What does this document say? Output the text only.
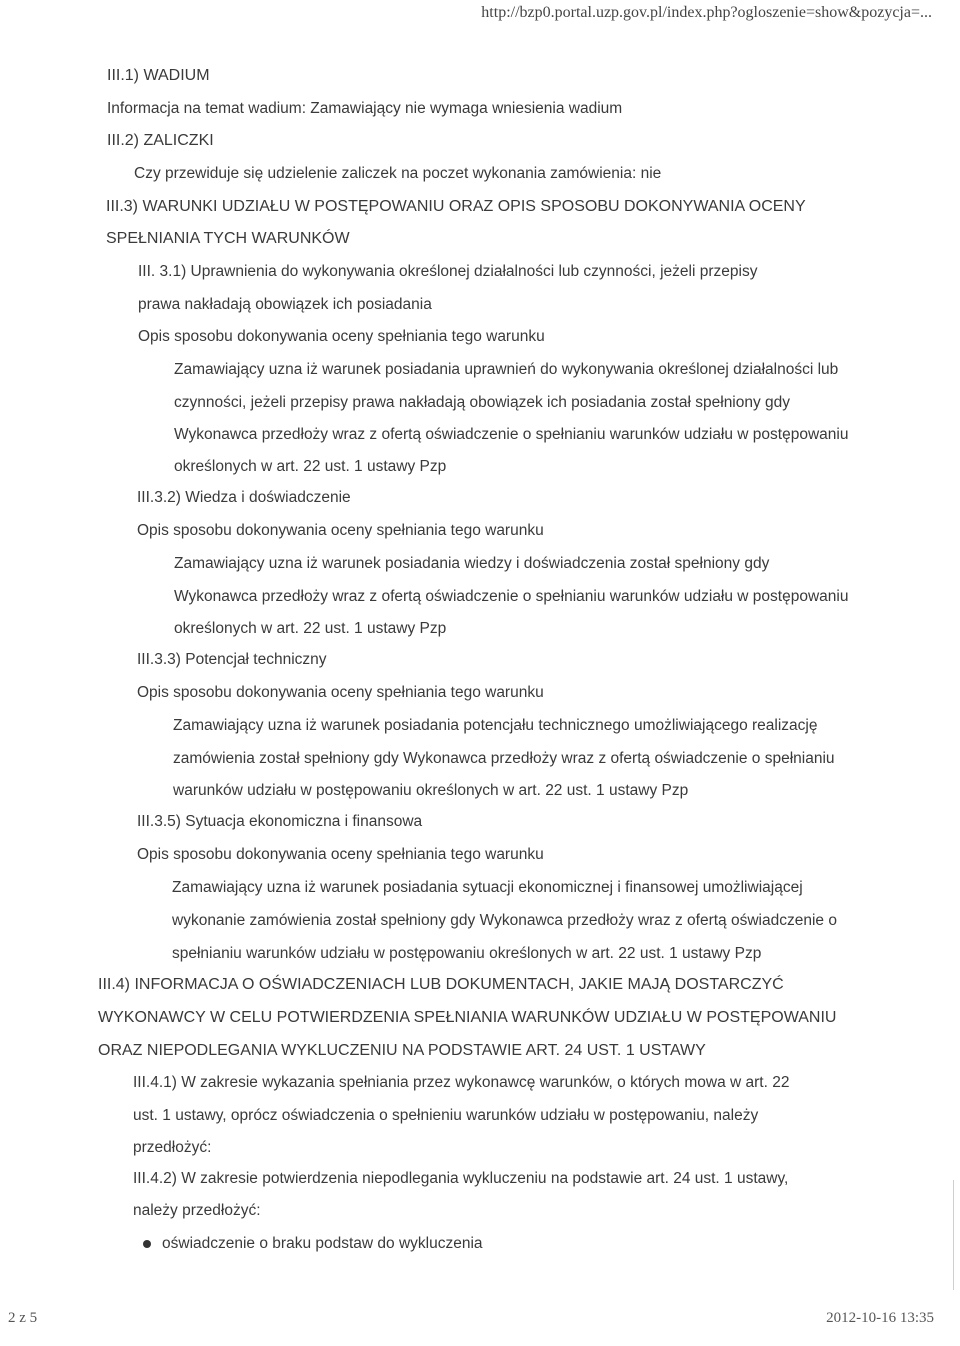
http://bzp0.portal.uzp.gov.pl/index.php?ogloszenie=show&pozycja=...
III.1) WADIUM
Informacja na temat wadium: Zamawiający nie wymaga wniesienia wadium
III.2) ZALICZKI
Czy przewiduje się udzielenie zaliczek na poczet wykonania zamówienia: nie
III.3) WARUNKI UDZIAŁU W POSTĘPOWANIU ORAZ OPIS SPOSOBU DOKONYWANIA OCENY
SPEŁNIANIA TYCH WARUNKÓW
III. 3.1) Uprawnienia do wykonywania określonej działalności lub czynności, jeżeli przepisy
prawa nakładają obowiązek ich posiadania
Opis sposobu dokonywania oceny spełniania tego warunku
Zamawiający uzna iż warunek posiadania uprawnień do wykonywania określonej działalności lub
czynności, jeżeli przepisy prawa nakładają obowiązek ich posiadania został spełniony gdy
Wykonawca przedłoży wraz z ofertą oświadczenie o spełnianiu warunków udziału w postępowaniu
określonych w art. 22 ust. 1 ustawy Pzp
III.3.2) Wiedza i doświadczenie
Opis sposobu dokonywania oceny spełniania tego warunku
Zamawiający uzna iż warunek posiadania wiedzy i doświadczenia został spełniony gdy
Wykonawca przedłoży wraz z ofertą oświadczenie o spełnianiu warunków udziału w postępowaniu
określonych w art. 22 ust. 1 ustawy Pzp
III.3.3) Potencjał techniczny
Opis sposobu dokonywania oceny spełniania tego warunku
Zamawiający uzna iż warunek posiadania potencjału technicznego umożliwiającego realizację
zamówienia został spełniony gdy Wykonawca przedłoży wraz z ofertą oświadczenie o spełnianiu
warunków udziału w postępowaniu określonych w art. 22 ust. 1 ustawy Pzp
III.3.5) Sytuacja ekonomiczna i finansowa
Opis sposobu dokonywania oceny spełniania tego warunku
Zamawiający uzna iż warunek posiadania sytuacji ekonomicznej i finansowej umożliwiającej
wykonanie zamówienia został spełniony gdy Wykonawca przedłoży wraz z ofertą oświadczenie o
spełnianiu warunków udziału w postępowaniu określonych w art. 22 ust. 1 ustawy Pzp
III.4) INFORMACJA O OŚWIADCZENIACH LUB DOKUMENTACH, JAKIE MAJĄ DOSTARCZYĆ
WYKONAWCY W CELU POTWIERDZENIA SPEŁNIANIA WARUNKÓW UDZIAŁU W POSTĘPOWANIU
ORAZ NIEPODLEGANIA WYKLUCZENIU NA PODSTAWIE ART. 24 UST. 1 USTAWY
III.4.1) W zakresie wykazania spełniania przez wykonawcę warunków, o których mowa w art. 22
ust. 1 ustawy, oprócz oświadczenia o spełnieniu warunków udziału w postępowaniu, należy
przedłożyć:
III.4.2) W zakresie potwierdzenia niepodlegania wykluczeniu na podstawie art. 24 ust. 1 ustawy,
należy przedłożyć:
oświadczenie o braku podstaw do wykluczenia
2 z 5	2012-10-16 13:35
